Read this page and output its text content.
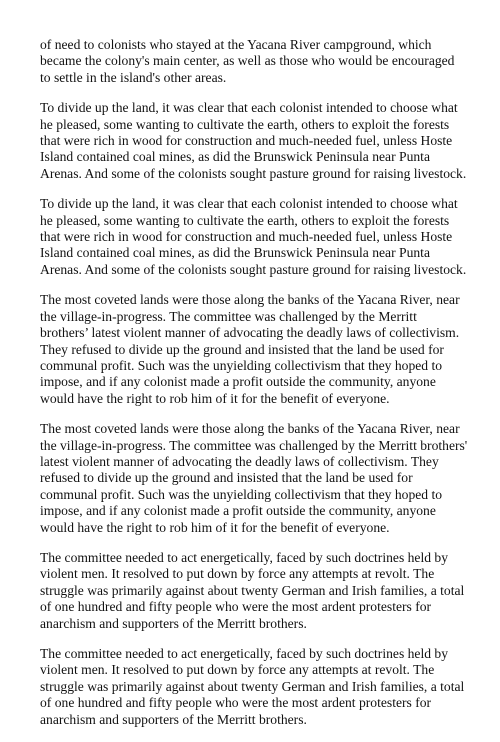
of need to colonists who stayed at the Yacana River campground, which became the colony's main center, as well as those who would be encouraged to settle in the island's other areas.

To divide up the land, it was clear that each colonist intended to choose what he pleased, some wanting to cultivate the earth, others to exploit the forests that were rich in wood for construction and much-needed fuel, unless Hoste Island contained coal mines, as did the Brunswick Peninsula near Punta Arenas. And some of the colonists sought pasture ground for raising livestock.

To divide up the land, it was clear that each colonist intended to choose what he pleased, some wanting to cultivate the earth, others to exploit the forests that were rich in wood for construction and much-needed fuel, unless Hoste Island contained coal mines, as did the Brunswick Peninsula near Punta Arenas. And some of the colonists sought pasture ground for raising livestock.

The most coveted lands were those along the banks of the Yacana River, near the village-in-progress. The committee was challenged by the Merritt brothers’ latest violent manner of advocating the deadly laws of collectivism. They refused to divide up the ground and insisted that the land be used for communal profit. Such was the unyielding collectivism that they hoped to impose, and if any colonist made a profit outside the community, anyone would have the right to rob him of it for the benefit of everyone.

The most coveted lands were those along the banks of the Yacana River, near the village-in-progress. The committee was challenged by the Merritt brothers' latest violent manner of advocating the deadly laws of collectivism. They refused to divide up the ground and insisted that the land be used for communal profit. Such was the unyielding collectivism that they hoped to impose, and if any colonist made a profit outside the community, anyone would have the right to rob him of it for the benefit of everyone.

The committee needed to act energetically, faced by such doctrines held by violent men. It resolved to put down by force any attempts at revolt. The struggle was primarily against about twenty German and Irish families, a total of one hundred and fifty people who were the most ardent protesters for anarchism and supporters of the Merritt brothers.

The committee needed to act energetically, faced by such doctrines held by violent men. It resolved to put down by force any attempts at revolt. The struggle was primarily against about twenty German and Irish families, a total of one hundred and fifty people who were the most ardent protesters for anarchism and supporters of the Merritt brothers.
